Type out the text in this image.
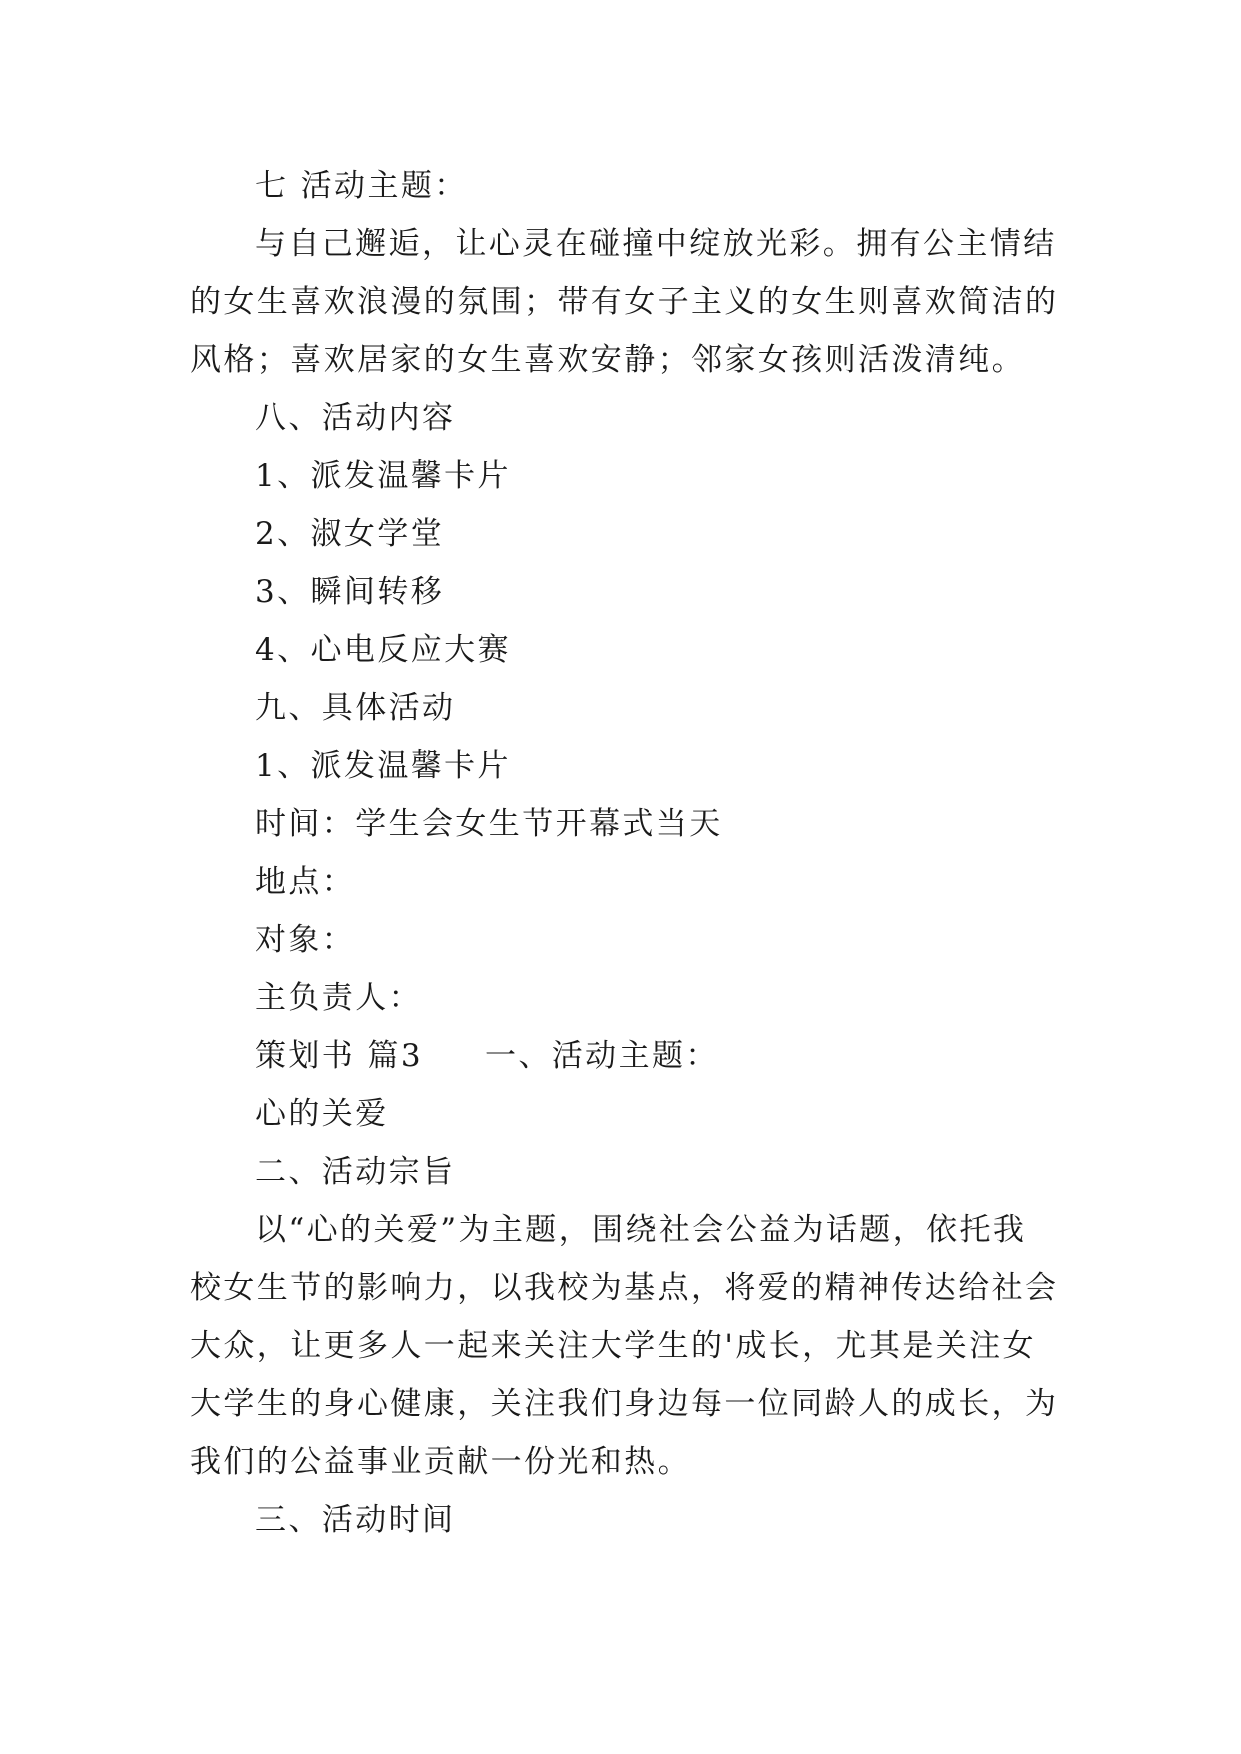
七 活动主题：
与自己邂逅，让心灵在碰撞中绽放光彩。拥有公主情结
的女生喜欢浪漫的氛围；带有女子主义的女生则喜欢简洁的
风格；喜欢居家的女生喜欢安静；邻家女孩则活泼清纯。
八、活动内容
1、派发温馨卡片
2、淑女学堂
3、瞬间转移
4、心电反应大赛
九、具体活动
1、派发温馨卡片
时间：学生会女生节开幕式当天
地点：
对象：
主负责人：
策划书 篇3 一、活动主题：
心的关爱
二、活动宗旨
以“心的关爱”为主题，围绕社会公益为话题，依托我
校女生节的影响力，以我校为基点，将爱的精神传达给社会
大众，让更多人一起来关注大学生的'成长，尤其是关注女
大学生的身心健康，关注我们身边每一位同龄人的成长，为
我们的公益事业贡献一份光和热。
三、活动时间
